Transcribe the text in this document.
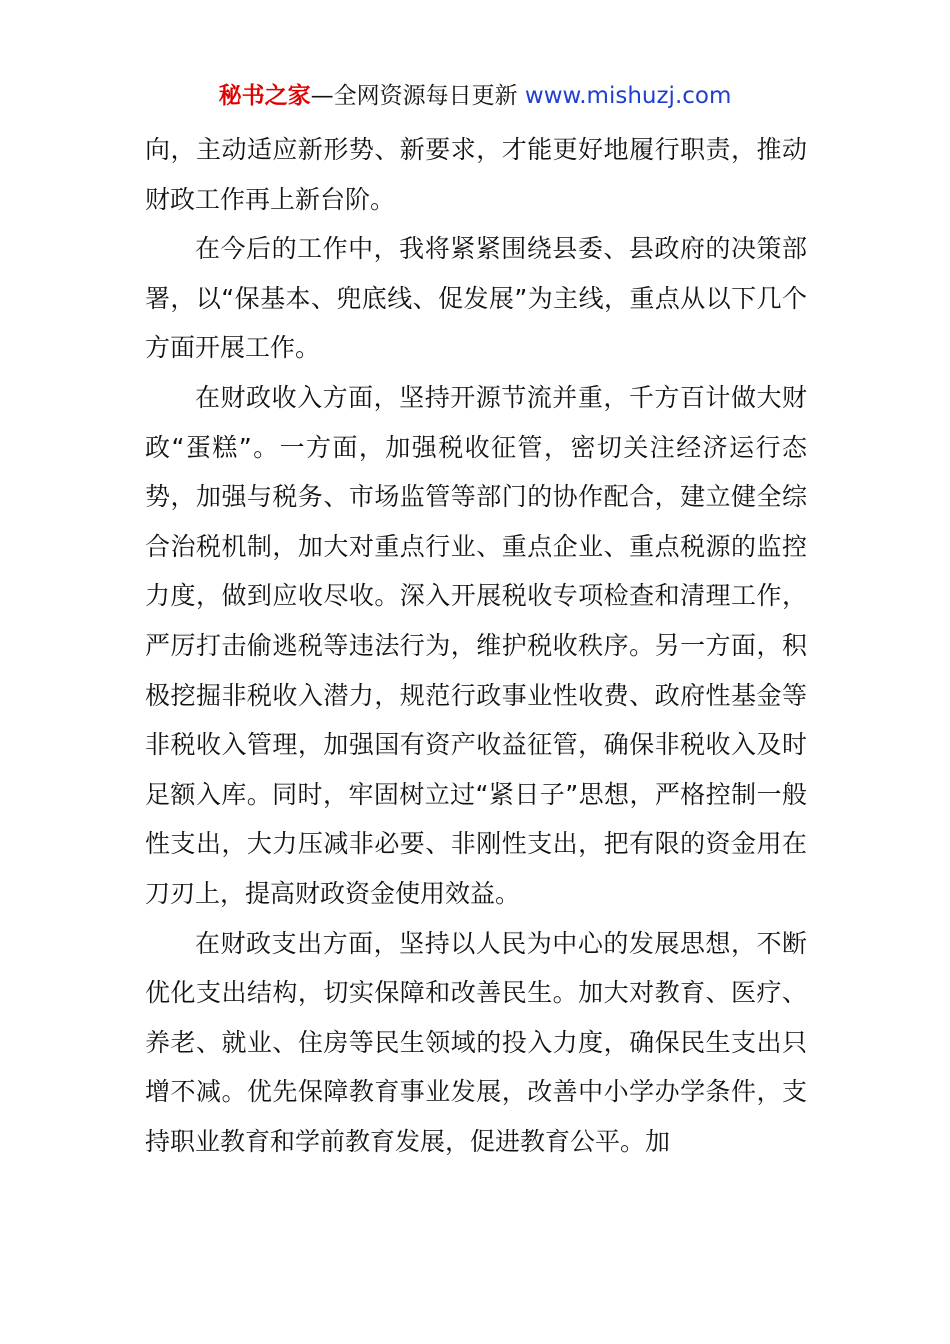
秘书之家—全网资源每日更新 www.mishuzj.com

向，主动适应新形势、新要求，才能更好地履行职责，推动财政工作再上新台阶。

在今后的工作中，我将紧紧围绕县委、县政府的决策部署，以“保基本、兜底线、促发展”为主线，重点从以下几个方面开展工作。

在财政收入方面，坚持开源节流并重，千方百计做大财政“蛋糕”。一方面，加强税收征管，密切关注经济运行态势，加强与税务、市场监管等部门的协作配合，建立健全综合治税机制，加大对重点行业、重点企业、重点税源的监控力度，做到应收尽收。深入开展税收专项检查和清理工作，严厉打击偷逃税等违法行为，维护税收秩序。另一方面，积极挖掘非税收入潜力，规范行政事业性收费、政府性基金等非税收入管理，加强国有资产收益征管，确保非税收入及时足额入库。同时，牢固树立过“紧日子”思想，严格控制一般性支出，大力压减非必要、非刚性支出，把有限的资金用在刀刃上，提高财政资金使用效益。

在财政支出方面，坚持以人民为中心的发展思想，不断优化支出结构，切实保障和改善民生。加大对教育、医疗、养老、就业、住房等民生领域的投入力度，确保民生支出只增不减。优先保障教育事业发展，改善中小学办学条件，支持职业教育和学前教育发展，促进教育公平。加
